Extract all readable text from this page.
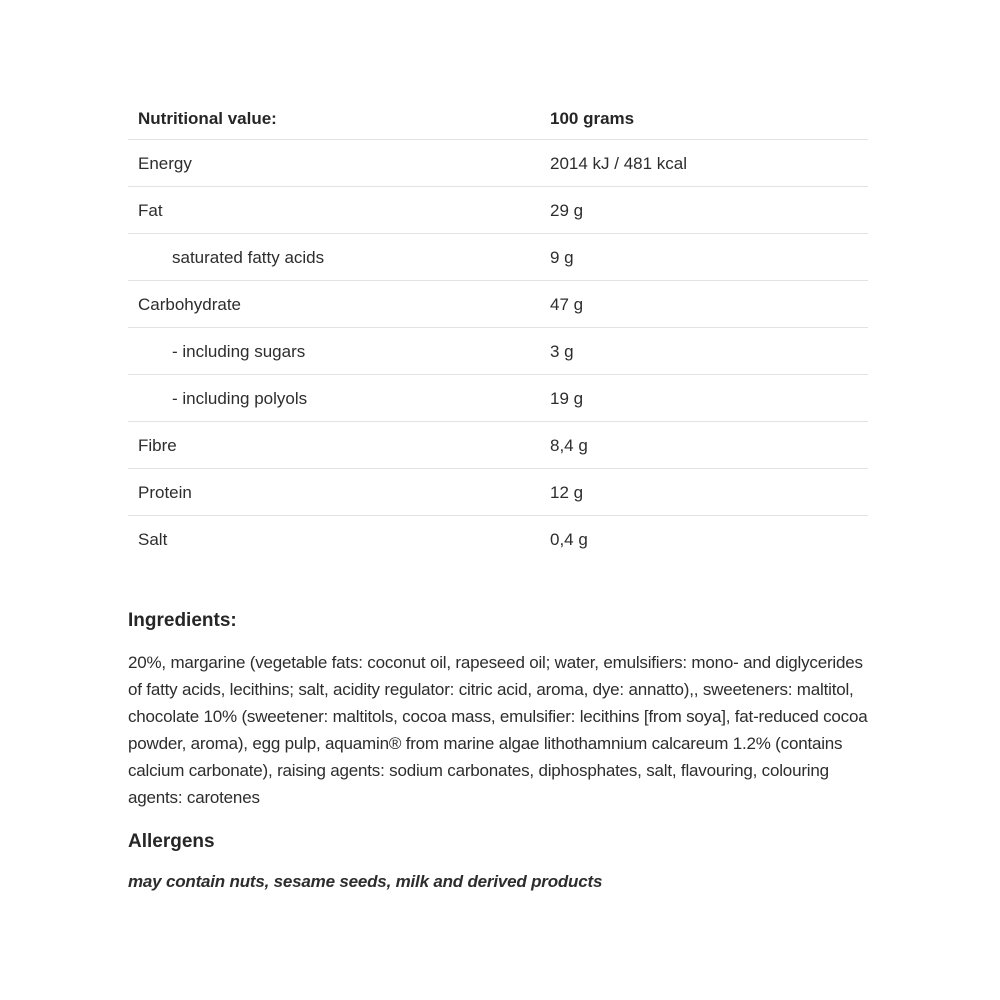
Nutritional value:	100 grams
Energy	2014 kJ / 481 kcal
Fat	29 g
saturated fatty acids	9 g
Carbohydrate	47 g
- including sugars	3 g
- including polyols	19 g
Fibre	8,4 g
Protein	12 g
Salt	0,4 g
Ingredients:

20%, margarine (vegetable fats: coconut oil, rapeseed oil; water, emulsifiers: mono- and diglycerides of fatty acids, lecithins; salt, acidity regulator: citric acid, aroma, dye: annatto),, sweeteners: maltitol, chocolate 10% (sweetener: maltitols, cocoa mass, emulsifier: lecithins [from soya], fat-reduced cocoa powder, aroma), egg pulp, aquamin® from marine algae lithothamnium calcareum 1.2% (contains calcium carbonate), raising agents: sodium carbonates, diphosphates, salt, flavouring, colouring agents: carotenes

Allergens

may contain nuts, sesame seeds, milk and derived products
